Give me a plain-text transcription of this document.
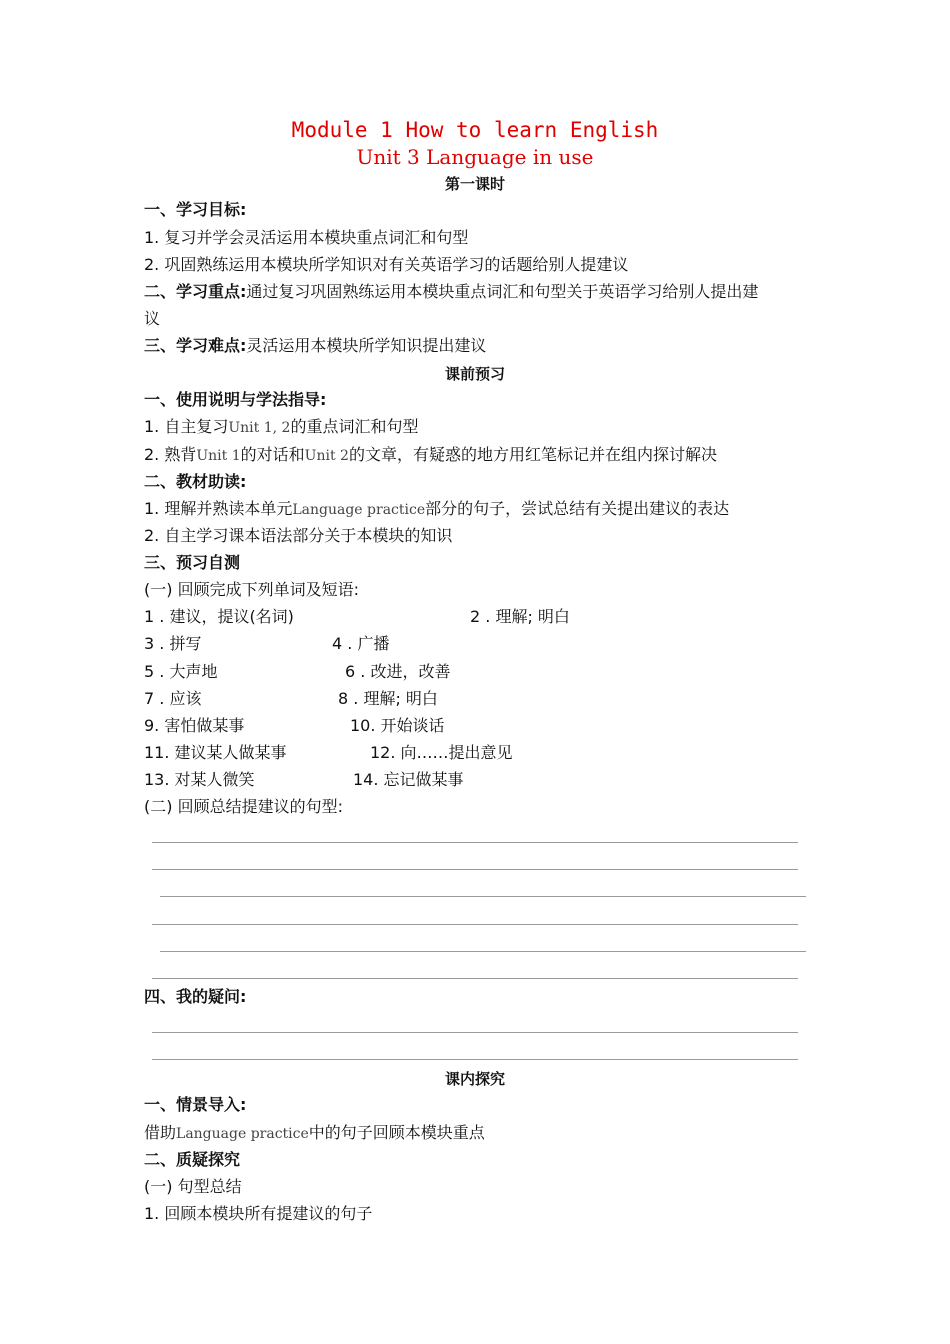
Module 1 How to learn English
Unit 3 Language in use
第一课时
一、学习目标:
1. 复习并学会灵活运用本模块重点词汇和句型
2. 巩固熟练运用本模块所学知识对有关英语学习的话题给别人提建议
二、学习重点:通过复习巩固熟练运用本模块重点词汇和句型关于英语学习给别人提出建
议
三、学习难点:灵活运用本模块所学知识提出建议
课前预习
一、使用说明与学法指导:
1. 自主复习Unit 1, 2的重点词汇和句型
2. 熟背Unit 1的对话和Unit 2的文章，有疑惑的地方用红笔标记并在组内探讨解决
二、教材助读:
1. 理解并熟读本单元Language practice部分的句子，尝试总结有关提出建议的表达
2. 自主学习课本语法部分关于本模块的知识
三、预习自测
(一) 回顾完成下列单词及短语:
1 . 建议，提议(名词)	2 . 理解; 明白
3 . 拼写	4 . 广播
5 . 大声地	6 . 改进，改善
7 . 应该	8 . 理解; 明白
9. 害怕做某事	10. 开始谈话
11. 建议某人做某事	12. 向……提出意见
13. 对某人微笑	14. 忘记做某事
(二) 回顾总结提建议的句型:
四、我的疑问:
课内探究
一、情景导入:
借助Language practice中的句子回顾本模块重点
二、质疑探究
(一) 句型总结
1. 回顾本模块所有提建议的句子
